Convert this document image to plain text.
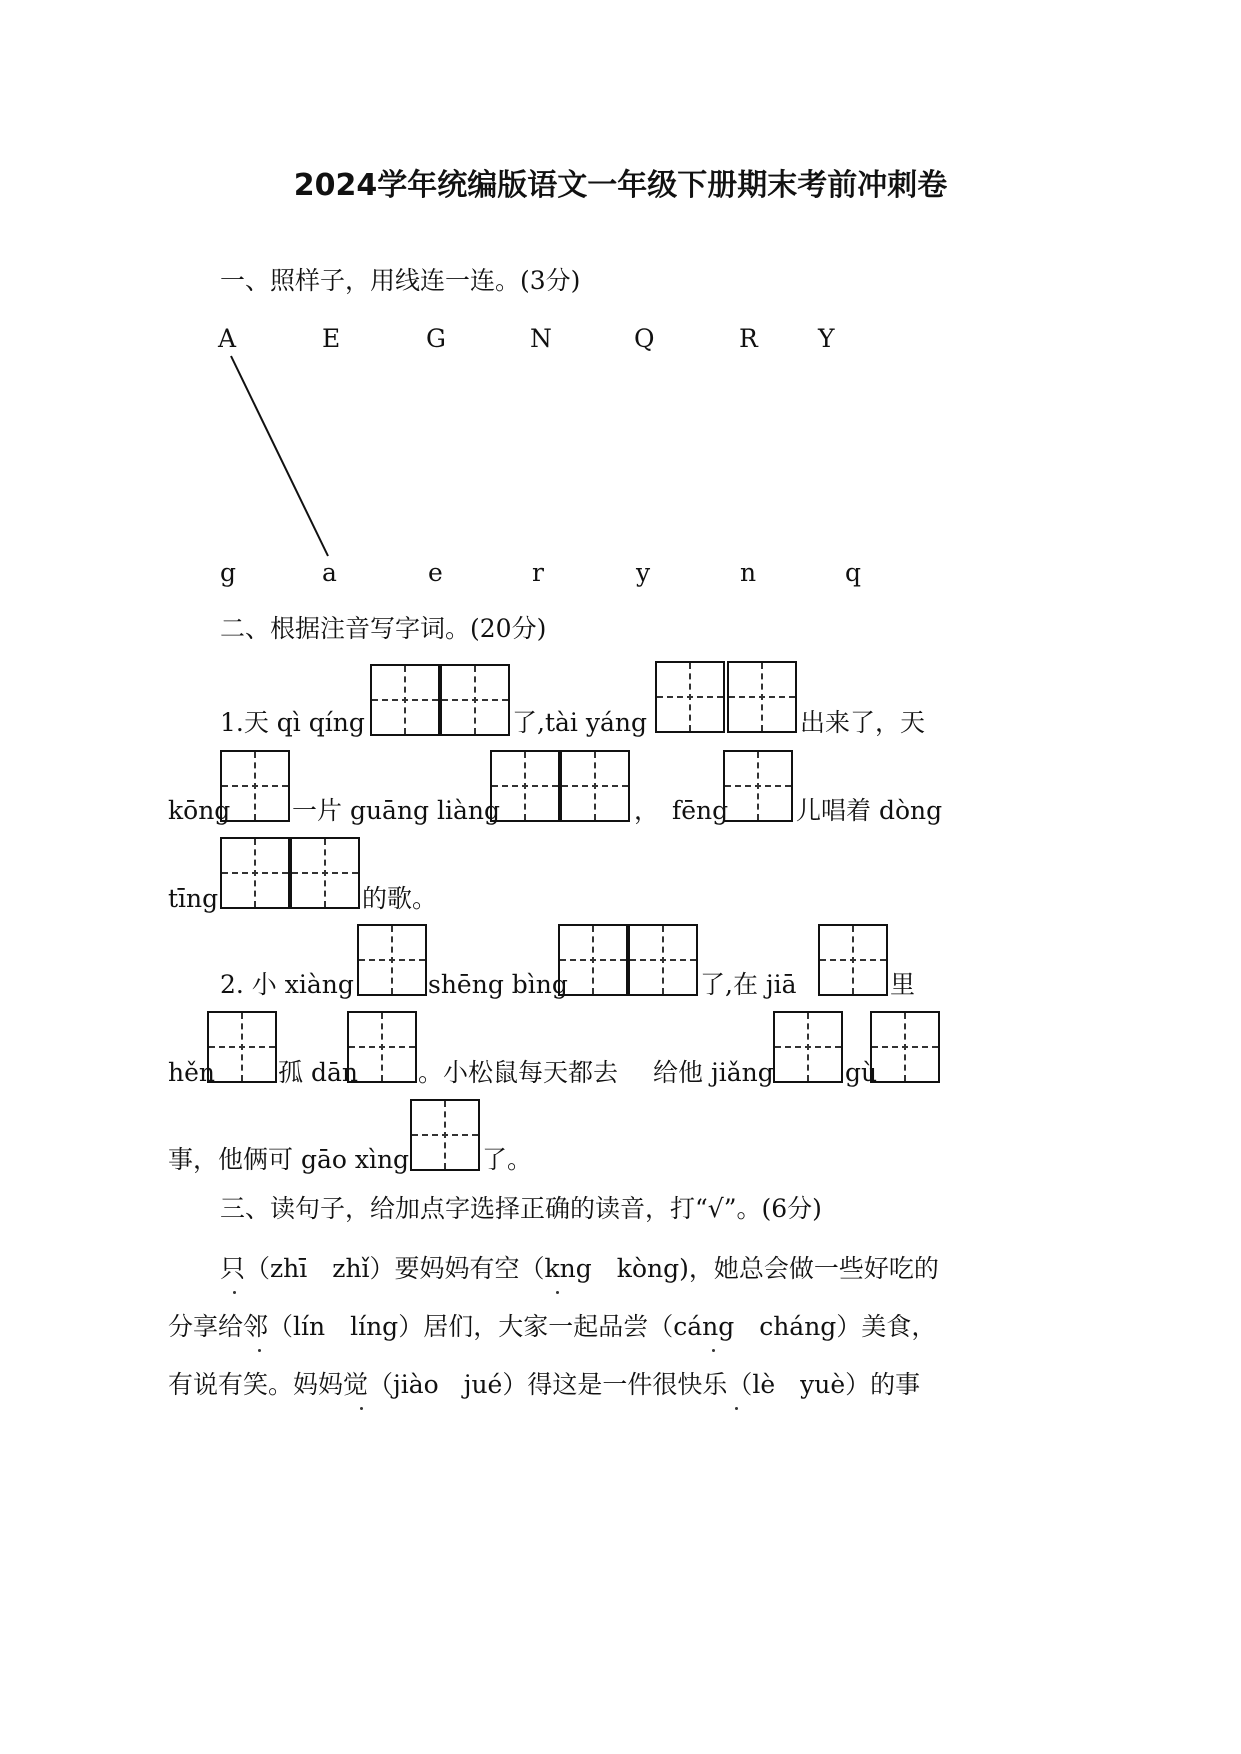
2024学年统编版语文一年级下册期末考前冲刺卷
一、照样子，用线连一连。(3分)
A	E	G	N	Q	R Y
g	a	e	r	y	n	q
二、根据注音写字词。(20分)
1.天 qì qíng	了,tài yáng	出来了，天
kōng 一片 guāng liàng	， fēng	儿唱着 dòng
tīng	的歌。
2. 小 xiàng	shēng bìng	了,在 jiā	里
hěn	孤 dān 。小松鼠每天都去 给他 jiǎng	gù
事，他俩可 gāo xìng	了。
三、读句子，给加点字选择正确的读音，打“√”。(6分)
只（zhī　zhǐ）要妈妈有空（kng　kòng)，她总会做一些好吃的
分享给邻（lín　líng）居们，大家一起品尝（cáng　cháng）美食，
有说有笑。妈妈觉（jiào　jué）得这是一件很快乐（lè　yuè）的事
